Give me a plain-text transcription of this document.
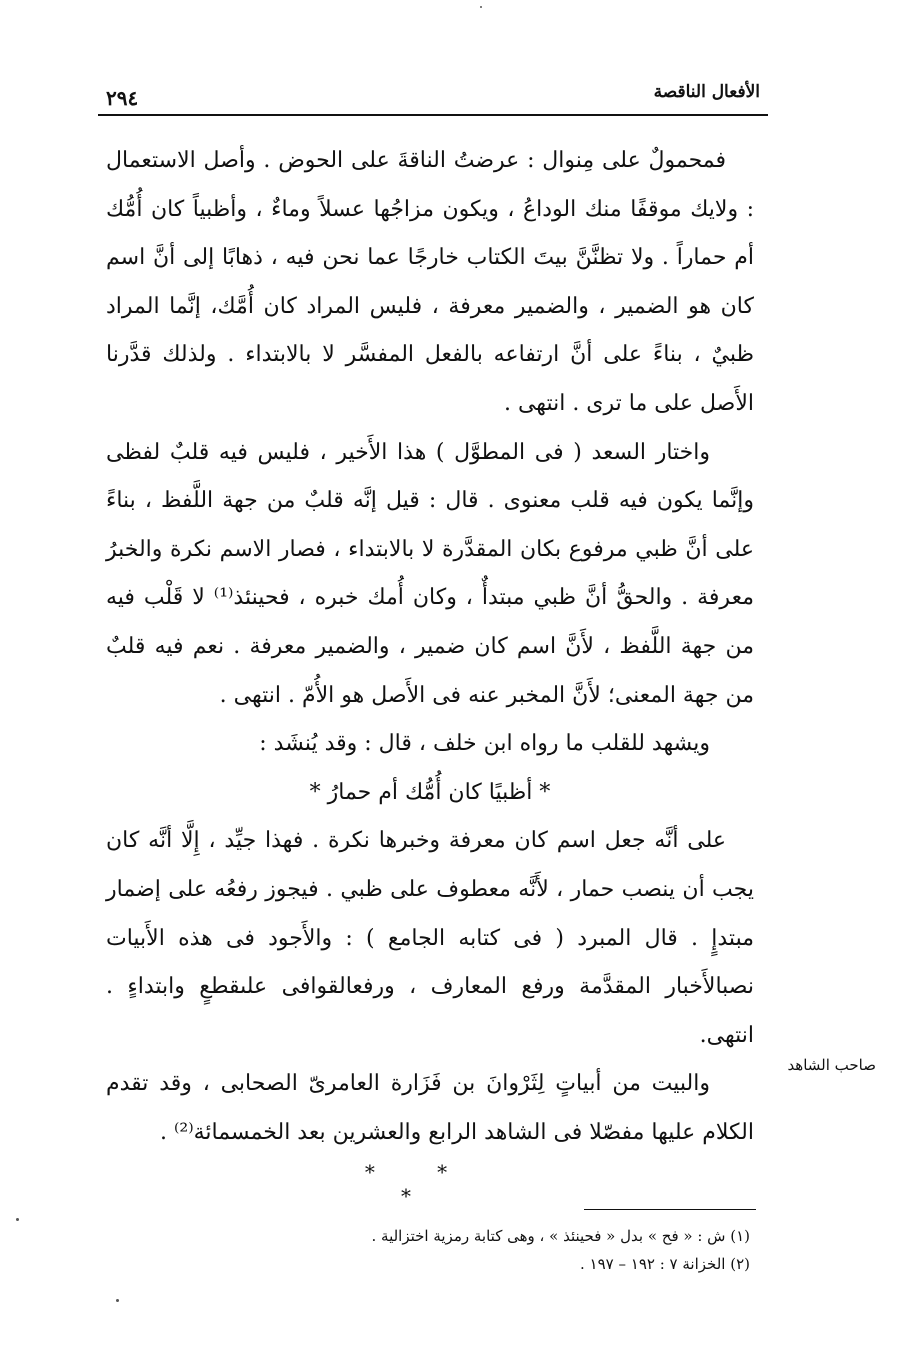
٢٩٤	الأفعال الناقصة

فمحمولٌ على مِنوال : عرضتُ الناقةَ على الحوض . وأصل الاستعمال : ولايك موقفًا منك الوداعُ ، ويكون مزاجُها عسلاً وماءٌ ، وأظبياً كان أُمُّك أم حماراً . ولا تظنَّنَّ بيتَ الكتاب خارجًا عما نحن فيه ، ذهابًا إلى أنَّ اسم كان هو الضمير ، والضمير معرفة ، فليس المراد كان أُمَّك، إنَّما المراد ظبيٌ ، بناءً على أنَّ ارتفاعه بالفعل المفسَّر لا بالابتداء . ولذلك قدَّرنا الأَصل على ما ترى . انتهى .

واختار السعد ( فى المطوَّل ) هذا الأَخير ، فليس فيه قلبٌ لفظى وإنَّما يكون فيه قلب معنوى . قال : قيل إنَّه قلبٌ من جهة اللَّفظ ، بناءً على أنَّ ظبي مرفوع بكان المقدَّرة لا بالابتداء ، فصار الاسم نكرة والخبرُ معرفة . والحقُّ أنَّ ظبي مبتدأٌ ، وكان أُمك خبره ، فحينئذ⁽¹⁾ لا قَلْب فيه من جهة اللَّفظ ، لأَنَّ اسم كان ضمير ، والضمير معرفة . نعم فيه قلبٌ من جهة المعنى؛ لأَنَّ المخبر عنه فى الأَصل هو الأُمّ . انتهى .

ويشهد للقلب ما رواه ابن خلف ، قال : وقد يُنشَد :

* أظبيًا كان أُمُّك أم حمارُ *

على أنَّه جعل اسم كان معرفة وخبرها نكرة . فهذا جيِّد ، إِلَّا أنَّه كان يجب أن ينصب حمار ، لأَنَّه معطوف على ظبي . فيجوز رفعُه على إضمار مبتدإٍ . قال المبرد ( فى كتابه الجامع ) : والأَجود فى هذه الأَبيات نصبالأَخبار المقدَّمة ورفع المعارف ، ورفعالقوافى علىقطعٍ وابتداءٍ . انتهى.

والبيت من أبياتٍ لِثَرْوانَ بن فَزَارة العامرىّ الصحابى ، وقد تقدم الكلام عليها مفصّلا فى الشاهد الرابع والعشرين بعد الخمسمائة⁽²⁾ .

صاحب الشاهد
* * *

(١) ش : « فح » بدل « فحينئذ » ، وهى كتابة رمزية اختزالية .

(٢) الخزانة ٧ : ١٩٢ – ١٩٧ .
